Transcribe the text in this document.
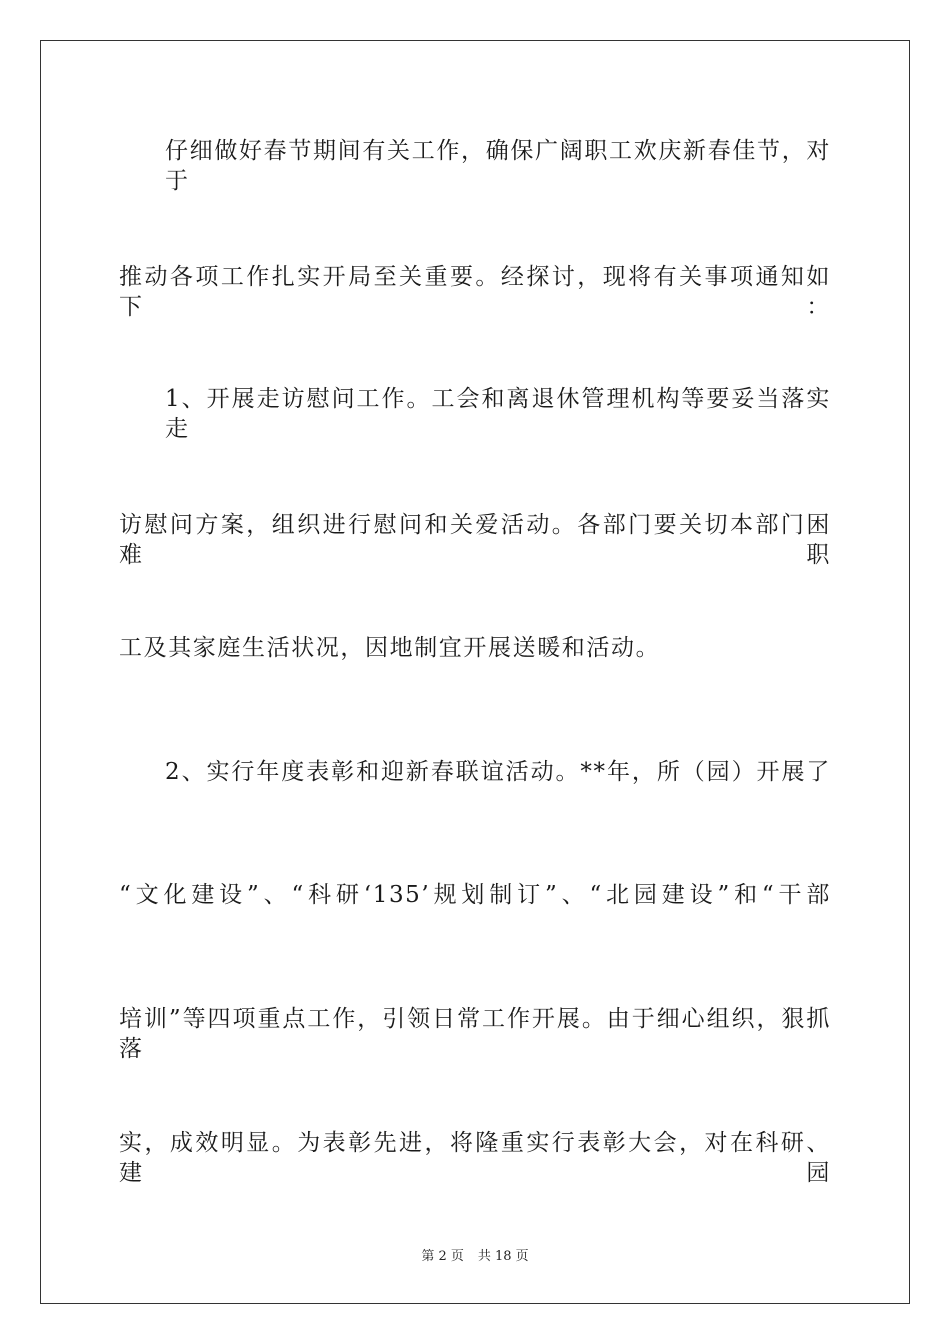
仔细做好春节期间有关工作，确保广阔职工欢庆新春佳节，对于
推动各项工作扎实开局至关重要。经探讨，现将有关事项通知如下：
1、开展走访慰问工作。工会和离退休管理机构等要妥当落实走
访慰问方案，组织进行慰问和关爱活动。各部门要关切本部门困难职
工及其家庭生活状况，因地制宜开展送暖和活动。
2、实行年度表彰和迎新春联谊活动。**年，所（园）开展了
“文化建设”、“科研‘135’规划制订”、“北园建设”和“干部
培训”等四项重点工作，引领日常工作开展。由于细心组织，狠抓落
实，成效明显。为表彰先进，将隆重实行表彰大会，对在科研、建园
第 2 页 共 18 页
